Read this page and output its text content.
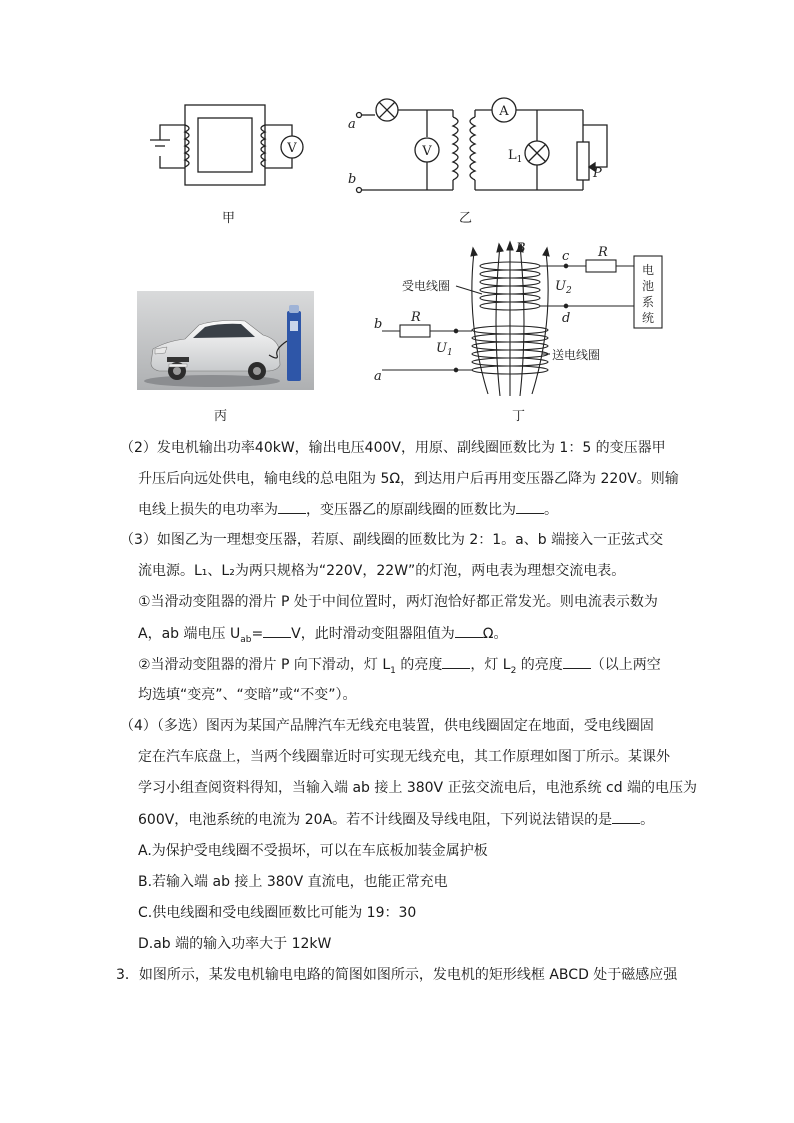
V
甲
a
b
V
A
$L_1$
P
乙
丙
B
受电线圈
送电线圈
R
R
c
d
b
a
$U_2$
$U_1$
电
池
系
统
丁
（2）发电机输出功率40kW，输出电压400V，用原、副线圈匝数比为 1：5 的变压器甲
升压后向远处供电，输电线的总电阻为 5Ω，到达用户后再用变压器乙降为 220V。则输
电线上损失的电功率为 ，变压器乙的原副线圈的匝数比为 。
（3）如图乙为一理想变压器，若原、副线圈的匝数比为 2：1。a、b 端接入一正弦式交
流电源。L₁、L₂为两只规格为“220V，22W”的灯泡，两电表为理想交流电表。
①当滑动变阻器的滑片 P 处于中间位置时，两灯泡恰好都正常发光。则电流表示数为
A，ab 端电压 $U_{ab}= V$，此时滑动变阻器阻值为 Ω。
②当滑动变阻器的滑片 P 向下滑动，灯 $L_1$ 的亮度 ，灯 $L_2$ 的亮度 （以上两空
均选填“变亮”、“变暗”或“不变”）。
（4）（多选）图丙为某国产品牌汽车无线充电装置，供电线圈固定在地面，受电线圈固
定在汽车底盘上，当两个线圈靠近时可实现无线充电，其工作原理如图丁所示。某课外
学习小组查阅资料得知，当输入端 ab 接上 380V 正弦交流电后，电池系统 cd 端的电压为
600V，电池系统的电流为 20A。若不计线圈及导线电阻，下列说法错误的是 。
A.为保护受电线圈不受损坏，可以在车底板加装金属护板
B.若输入端 ab 接上 380V 直流电，也能正常充电
C.供电线圈和受电线圈匝数比可能为 19：30
D.ab 端的输入功率大于 12kW
3．如图所示，某发电机输电电路的简图如图所示，发电机的矩形线框 ABCD 处于磁感应强
